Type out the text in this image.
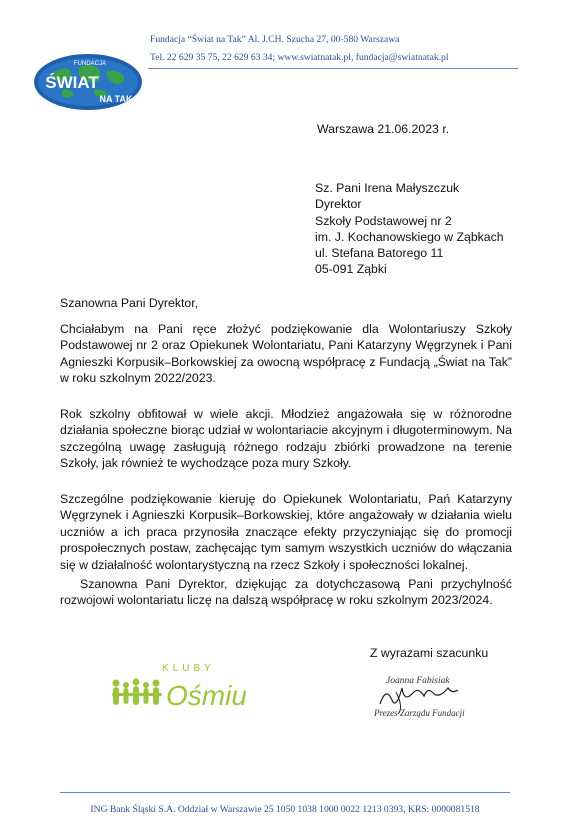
FUNDACJA
ŚWIAT
NA TAK
Fundacja “Świat na Tak” Al. J.CH. Szucha 27, 00-580 Warszawa
Tel. 22 629 35 75, 22 629 63 34; www.swiatnatak.pl, fundacja@swiatnatak.pl
Warszawa 21.06.2023 r.
Sz. Pani Irena Małyszczuk
Dyrektor
Szkoły Podstawowej nr 2
im. J. Kochanowskiego w Ząbkach
ul. Stefana Batorego 11
05-091 Ząbki
Szanowna Pani Dyrektor,

Chciałabym na Pani ręce złożyć podziękowanie dla Wolontariuszy Szkoły Podstawowej nr 2 oraz Opiekunek Wolontariatu, Pani Katarzyny Węgrzynek i Pani Agnieszki Korpusik–Borkowskiej za owocną współpracę z Fundacją „Świat na Tak” w roku szkolnym 2022/2023.

Rok szkolny obfitował w wiele akcji. Młodzież angażowała się w różnorodne działania społeczne biorąc udział w wolontariacie akcyjnym i długoterminowym. Na szczególną uwagę zasługują różnego rodzaju zbiórki prowadzone na terenie Szkoły, jak również te wychodzące poza mury Szkoły.

Szczególne podziękowanie kieruję do Opiekunek Wolontariatu, Pań Katarzyny Węgrzynek i Agnieszki Korpusik–Borkowskiej, które angażowały w działania wielu uczniów a ich praca przynosiła znaczące efekty przyczyniając się do promocji prospołecznych postaw, zachęcając tym samym wszystkich uczniów do włączania się w działalność wolontarystyczną na rzecz Szkoły i społeczności lokalnej.

Szanowna Pani Dyrektor, dziękując za dotychczasową Pani przychylność rozwojowi wolontariatu liczę na dalszą współpracę w roku szkolnym 2023/2024.

Z wyrazami szacunku
KLUBY
Ośmiu	Joanna Fabisiak
Prezes Zarządu Fundacji
ING Bank Śląski S.A. Oddział w Warszawie 25 1050 1038 1000 0022 1213 0393, KRS: 0000081518
